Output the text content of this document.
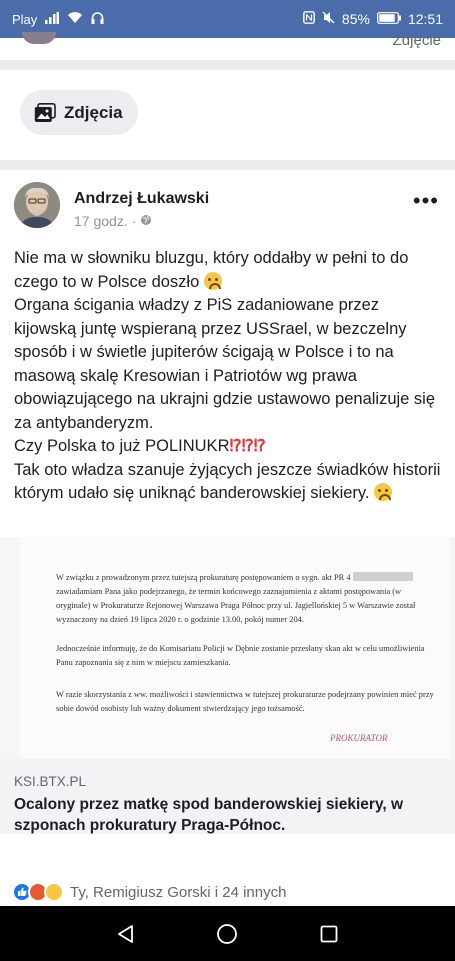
Play	85%	12:51
Zdjęcie
Zdjęcia
Andrzej Łukawski
17 godz. ·
•••

Nie ma w słowniku bluzgu, który oddałby w pełni to do czego to w Polsce doszło

Organa ścigania władzy z PiS zadaniowane przez kijowską juntę wspieraną przez USSrael, w bezczelny sposób i w świetle jupiterów ścigają w Polsce i to na masową skalę Kresowian i Patriotów wg prawa obowiązującego na ukrajni gdzie ustawowo penalizuje się za antybanderyzm.

Czy Polska to już POLINUKR⁉⁉⁉

Tak oto władza szanuje żyjących jeszcze świadków historii którym udało się uniknąć banderowskiej siekiery.

W związku z prowadzonym przez tutejszą prokuraturę postępowaniem o sygn. akt PR 4  zawiadamiam Pana jako podejrzanego, że termin końcowego zaznajomienia z aktami postępowania (w oryginale) w Prokuraturze Rejonowej Warszawa Praga Północ przy ul. Jagiellońskiej 5 w Warszawie został wyznaczony na dzień 19 lipca 2020 r. o godzinie 13.00, pokój numer 204.
Jednocześnie informuję, że do Komisariatu Policji w Dębnie zostanie przesłany skan akt w celu umożliwienia Panu zapoznania się z nim w miejscu zamieszkania.
W razie skorzystania z ww. możliwości i stawiennictwa w tutejszej prokuraturze podejrzany powinien mieć przy sobie dowód osobisty lub ważny dokument stwierdzający jego tożsamość.
PROKURATOR
KSI.BTX.PL
Ocalony przez matkę spod banderowskiej siekiery, w szponach prokuratury Praga-Północ.
Ty, Remigiusz Gorski i 24 innych
